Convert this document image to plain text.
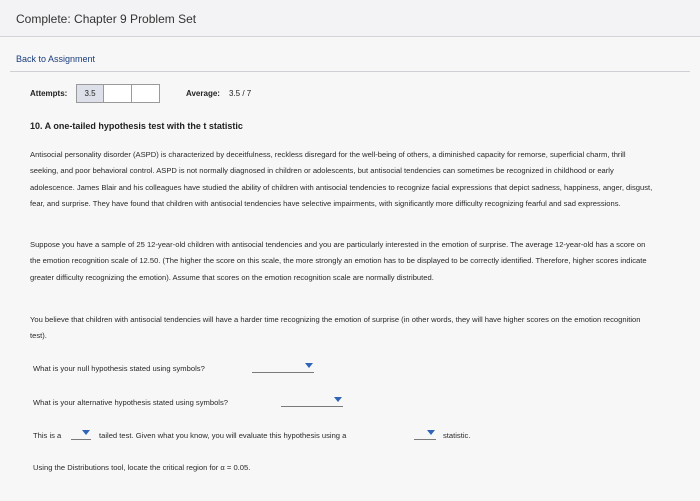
Complete: Chapter 9 Problem Set
Back to Assignment
Attempts:	3.5	Average: 3.5 / 7
10. A one-tailed hypothesis test with the t statistic
Antisocial personality disorder (ASPD) is characterized by deceitfulness, reckless disregard for the well-being of others, a diminished capacity for remorse, superficial charm, thrill seeking, and poor behavioral control. ASPD is not normally diagnosed in children or adolescents, but antisocial tendencies can sometimes be recognized in childhood or early adolescence. James Blair and his colleagues have studied the ability of children with antisocial tendencies to recognize facial expressions that depict sadness, happiness, anger, disgust, fear, and surprise. They have found that children with antisocial tendencies have selective impairments, with significantly more difficulty recognizing fearful and sad expressions.
Suppose you have a sample of 25 12-year-old children with antisocial tendencies and you are particularly interested in the emotion of surprise. The average 12-year-old has a score on the emotion recognition scale of 12.50. (The higher the score on this scale, the more strongly an emotion has to be displayed to be correctly identified. Therefore, higher scores indicate greater difficulty recognizing the emotion). Assume that scores on the emotion recognition scale are normally distributed.
You believe that children with antisocial tendencies will have a harder time recognizing the emotion of surprise (in other words, they will have higher scores on the emotion recognition test).
What is your null hypothesis stated using symbols?
What is your alternative hypothesis stated using symbols?
This is a	tailed test. Given what you know, you will evaluate this hypothesis using a	statistic.
Using the Distributions tool, locate the critical region for α = 0.05.
